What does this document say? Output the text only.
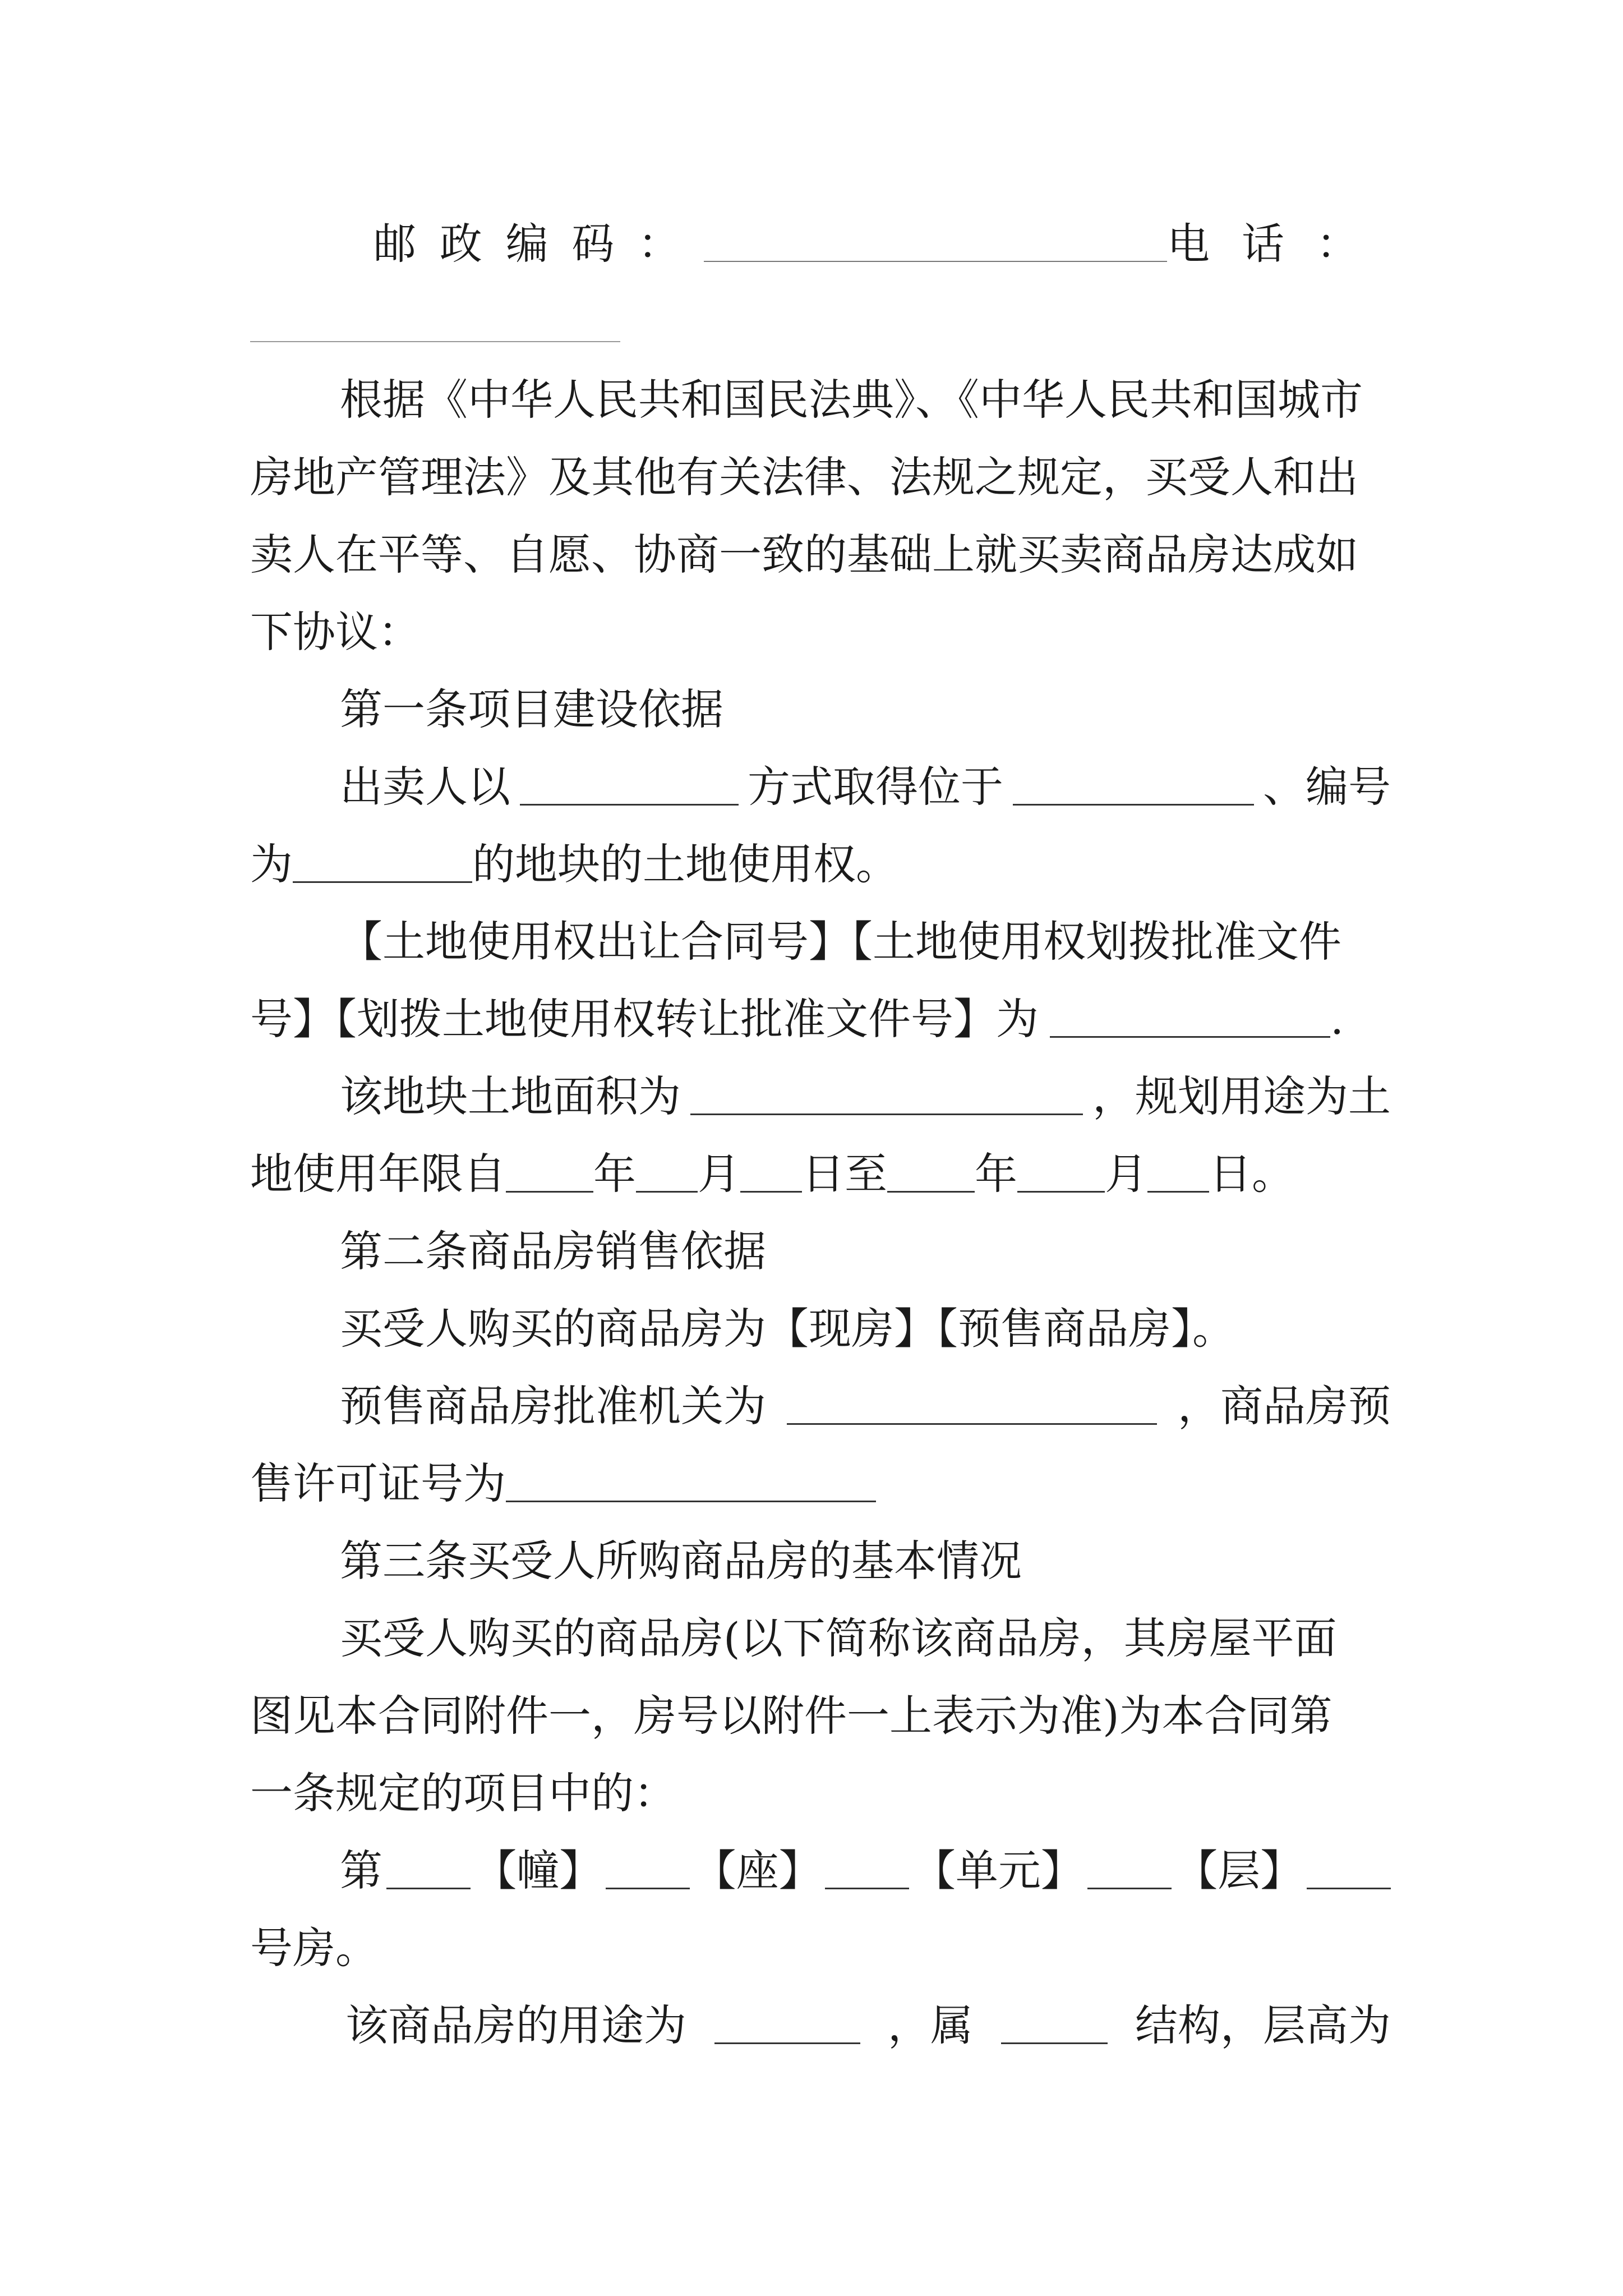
邮政编码：	电话：
根据《中华人民共和国民法典》、《中华人民共和国城市
房地产管理法》及其他有关法律、法规之规定，买受人和出
卖人在平等、自愿、协商一致的基础上就买卖商品房达成如
下协议：
第一条项目建设依据
出卖人以	方式取得位于	、编号
为	的地块的土地使用权。
【土地使用权出让合同号】【土地使用权划拨批准文件
号】【划拨土地使用权转让批准文件号】为	.
该地块土地面积为	，规划用途为土
地使用年限自 年 月 日至 年 月 日。
第二条商品房销售依据
买受人购买的商品房为【现房】【预售商品房】。
预售商品房批准机关为	，商品房预
售许可证号为
第三条买受人所购商品房的基本情况
买受人购买的商品房(以下简称该商品房，其房屋平面
图见本合同附件一，房号以附件一上表示为准)为本合同第
一条规定的项目中的：
第 【幢】 【座】 【单元】 【层】
号房。
该商品房的用途为	，属	结构，层高为
